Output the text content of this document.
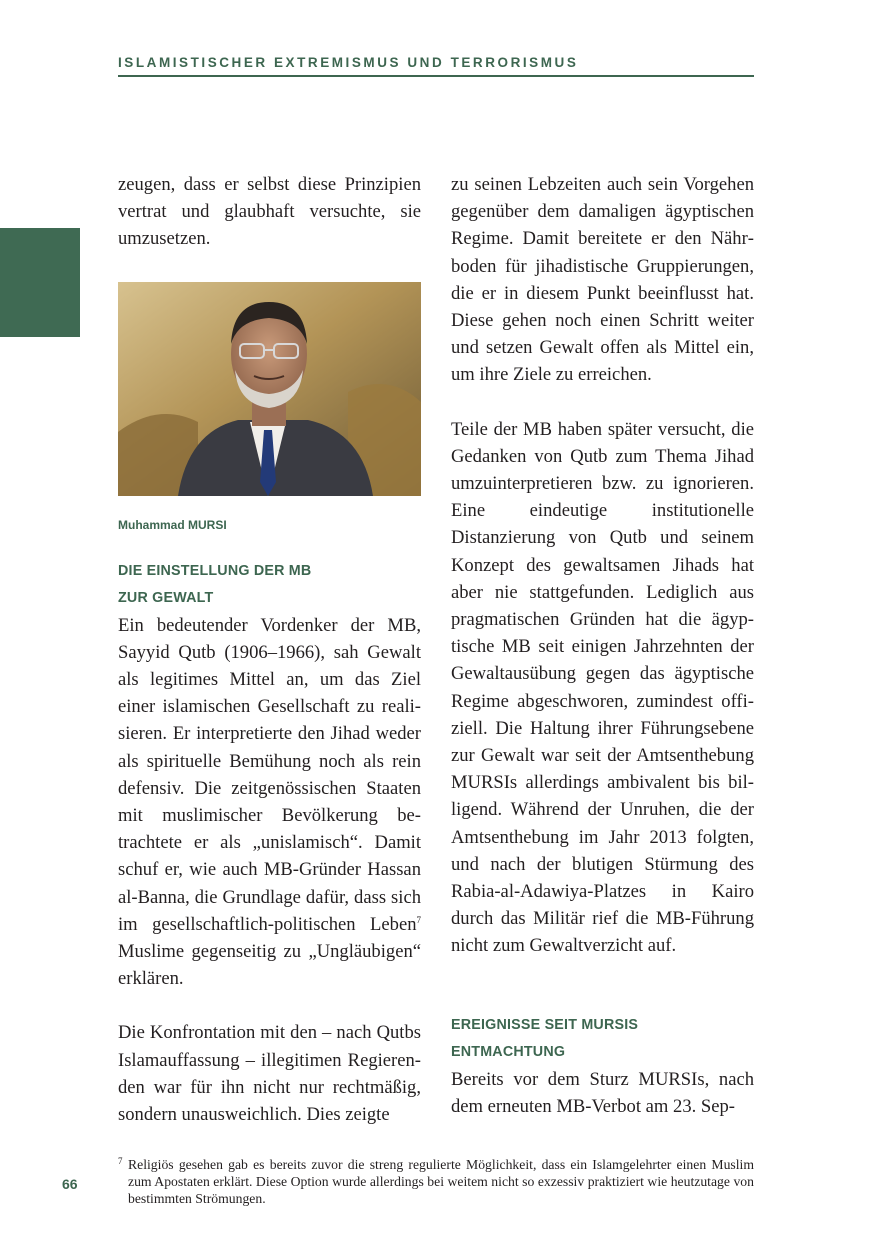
ISLAMISTISCHER EXTREMISMUS UND TERRORISMUS

zeugen, dass er selbst diese Prinzipien vertrat und glaubhaft versuchte, sie umzusetzen.

Muhammad MURSI
DIE EINSTELLUNG DER MB
ZUR GEWALT

Ein bedeutender Vordenker der MB, Sayyid Qutb (1906–1966), sah Gewalt als legitimes Mittel an, um das Ziel einer islamischen Gesellschaft zu realisieren. Er interpretierte den Jihad weder als spirituelle Bemühung noch als rein defensiv. Die zeitgenössischen Staaten mit muslimischer Bevölkerung betrachtete er als „unislamisch“. Damit schuf er, wie auch MB-Gründer Hassan al-Banna, die Grundlage dafür, dass sich im gesellschaftlich-politischen Leben$^7$ Muslime gegenseitig zu „Ungläubigen“ erklären.

Die Konfrontation mit den – nach Qutbs Islamauffassung – illegitimen Regierenden war für ihn nicht nur rechtmäßig, sondern unausweichlich. Dies zeigte

zu seinen Lebzeiten auch sein Vorgehen gegenüber dem damaligen ägyptischen Regime. Damit bereitete er den Nährboden für jihadistische Gruppierungen, die er in diesem Punkt beeinflusst hat. Diese gehen noch einen Schritt weiter und setzen Gewalt offen als Mittel ein, um ihre Ziele zu erreichen.

Teile der MB haben später versucht, die Gedanken von Qutb zum Thema Jihad umzuinterpretieren bzw. zu ignorieren. Eine eindeutige institutionelle Distanzierung von Qutb und seinem Konzept des gewaltsamen Jihads hat aber nie stattgefunden. Lediglich aus pragmatischen Gründen hat die ägyptische MB seit einigen Jahrzehnten der Gewaltausübung gegen das ägyptische Regime abgeschworen, zumindest offiziell. Die Haltung ihrer Führungsebene zur Gewalt war seit der Amtsenthebung MURSIs allerdings ambivalent bis billigend. Während der Unruhen, die der Amtsenthebung im Jahr 2013 folgten, und nach der blutigen Stürmung des Rabia-al-Adawiya-Platzes in Kairo durch das Militär rief die MB-Führung nicht zum Gewaltverzicht auf.

EREIGNISSE SEIT MURSIS
ENTMACHTUNG

Bereits vor dem Sturz MURSIs, nach dem erneuten MB-Verbot am 23. Sep-

7 Religiös gesehen gab es bereits zuvor die streng regulierte Möglichkeit, dass ein Islamgelehrter einen Muslim zum Apostaten erklärt. Diese Option wurde allerdings bei weitem nicht so exzessiv praktiziert wie heutzutage von bestimmten Strömungen.
66
